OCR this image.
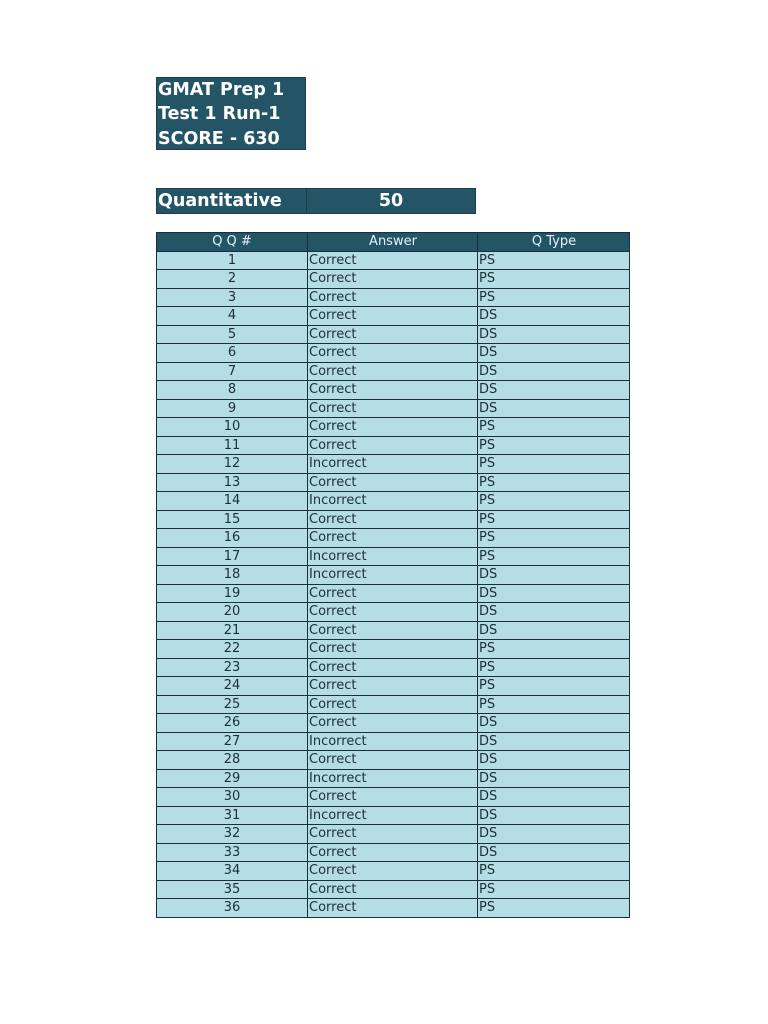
GMAT Prep 1
Test 1 Run-1
SCORE - 630
Quantitative	50
Q Q #	Answer	Q Type
1	Correct	PS
2	Correct	PS
3	Correct	PS
4	Correct	DS
5	Correct	DS
6	Correct	DS
7	Correct	DS
8	Correct	DS
9	Correct	DS
10	Correct	PS
11	Correct	PS
12	Incorrect	PS
13	Correct	PS
14	Incorrect	PS
15	Correct	PS
16	Correct	PS
17	Incorrect	PS
18	Incorrect	DS
19	Correct	DS
20	Correct	DS
21	Correct	DS
22	Correct	PS
23	Correct	PS
24	Correct	PS
25	Correct	PS
26	Correct	DS
27	Incorrect	DS
28	Correct	DS
29	Incorrect	DS
30	Correct	DS
31	Incorrect	DS
32	Correct	DS
33	Correct	DS
34	Correct	PS
35	Correct	PS
36	Correct	PS
